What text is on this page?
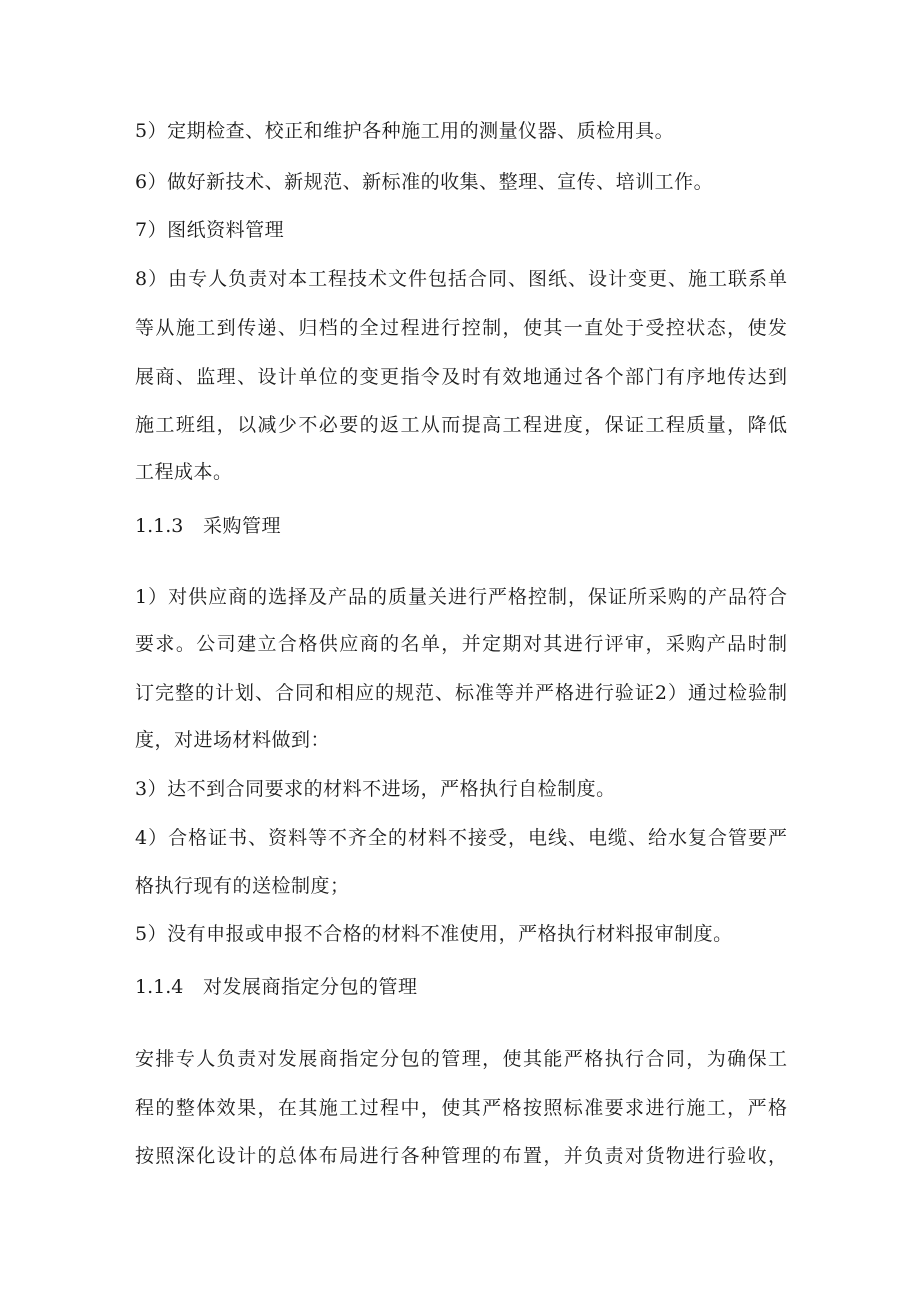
5）定期检查、校正和维护各种施工用的测量仪器、质检用具。
6）做好新技术、新规范、新标准的收集、整理、宣传、培训工作。
7）图纸资料管理
8）由专人负责对本工程技术文件包括合同、图纸、设计变更、施工联系单
等从施工到传递、归档的全过程进行控制，使其一直处于受控状态，使发
展商、监理、设计单位的变更指令及时有效地通过各个部门有序地传达到
施工班组，以减少不必要的返工从而提高工程进度，保证工程质量，降低
工程成本。
1.1.3 采购管理
1）对供应商的选择及产品的质量关进行严格控制，保证所采购的产品符合
要求。公司建立合格供应商的名单，并定期对其进行评审，采购产品时制
订完整的计划、合同和相应的规范、标准等并严格进行验证2）通过检验制
度，对进场材料做到：
3）达不到合同要求的材料不进场，严格执行自检制度。
4）合格证书、资料等不齐全的材料不接受，电线、电缆、给水复合管要严
格执行现有的送检制度；
5）没有申报或申报不合格的材料不准使用，严格执行材料报审制度。
1.1.4 对发展商指定分包的管理
安排专人负责对发展商指定分包的管理，使其能严格执行合同，为确保工
程的整体效果，在其施工过程中，使其严格按照标准要求进行施工，严格
按照深化设计的总体布局进行各种管理的布置，并负责对货物进行验收，
